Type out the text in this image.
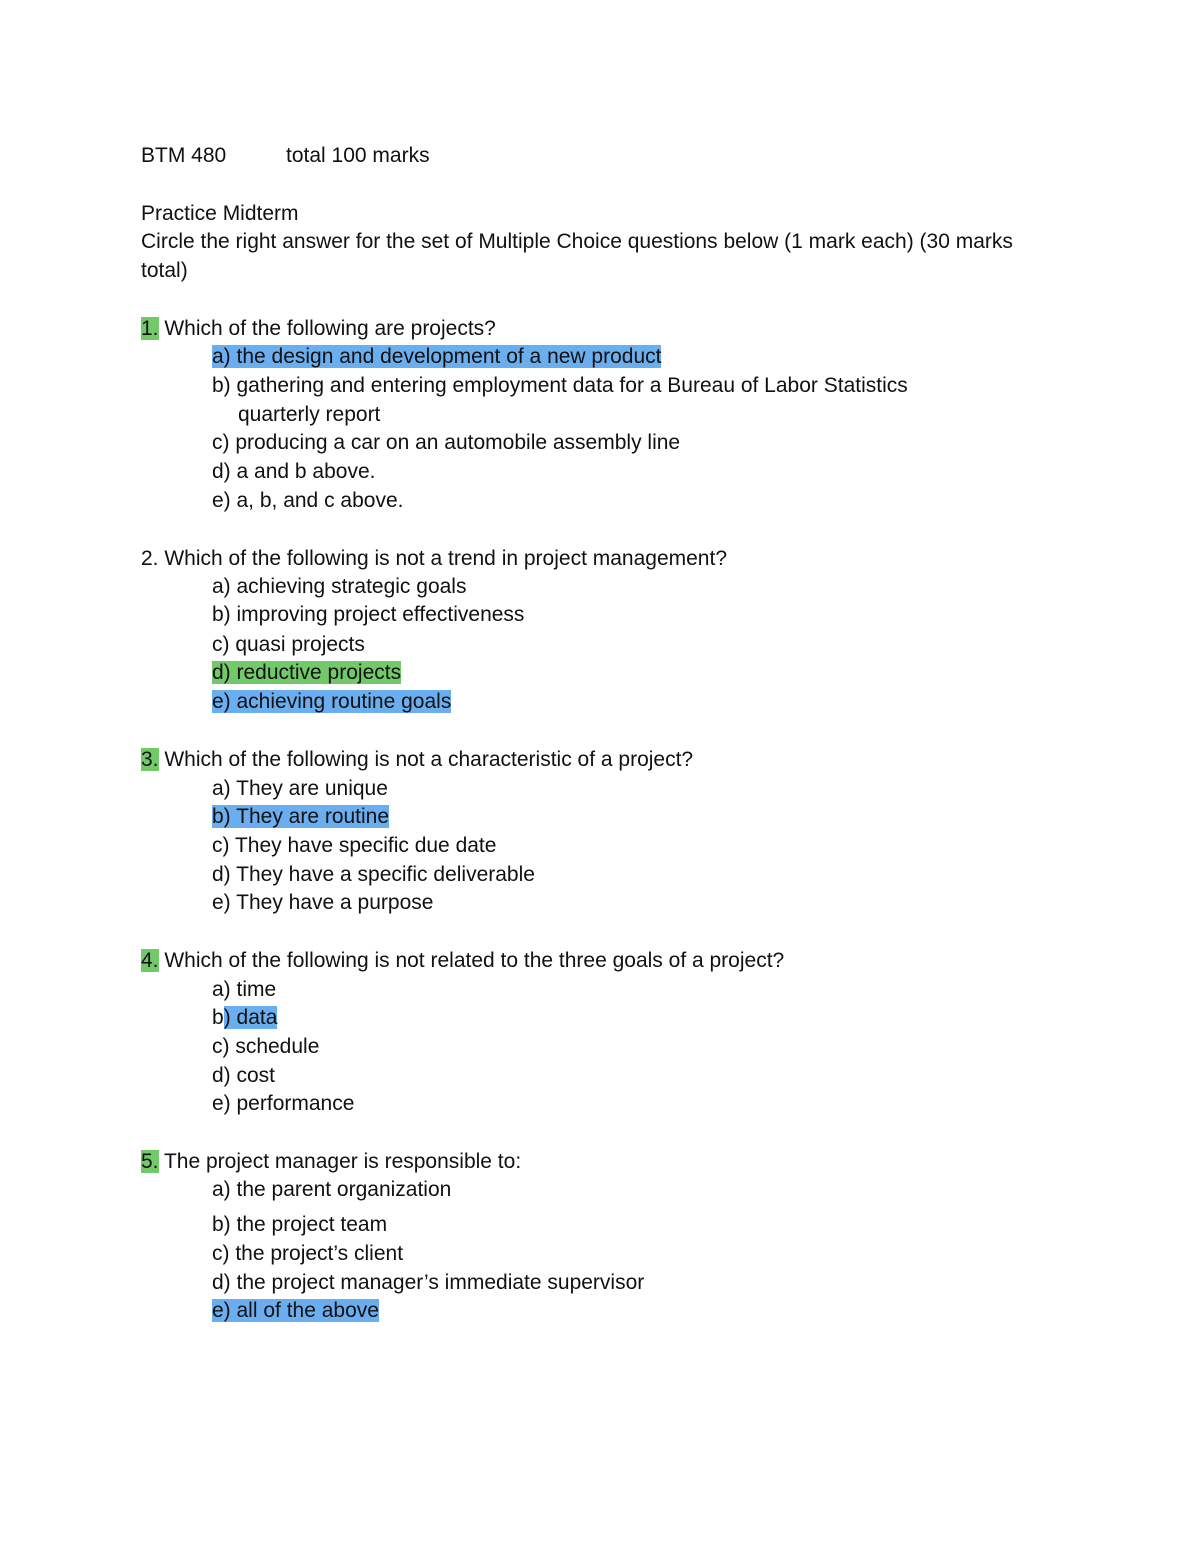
BTM 480	total 100 marks
Practice Midterm
Circle the right answer for the set of Multiple Choice questions below (1 mark each) (30 marks
total)
1. Which of the following are projects?
a) the design and development of a new product
b) gathering and entering employment data for a Bureau of Labor Statistics
quarterly report
c) producing a car on an automobile assembly line
d) a and b above.
e) a, b, and c above.
2. Which of the following is not a trend in project management?
a) achieving strategic goals
b) improving project effectiveness
c) quasi projects
d) reductive projects
e) achieving routine goals
3. Which of the following is not a characteristic of a project?
a) They are unique
b) They are routine
c) They have specific due date
d) They have a specific deliverable
e) They have a purpose
4. Which of the following is not related to the three goals of a project?
a) time
b) data
c) schedule
d) cost
e) performance
5. The project manager is responsible to:
a) the parent organization
b) the project team
c) the project’s client
d) the project manager’s immediate supervisor
e) all of the above
